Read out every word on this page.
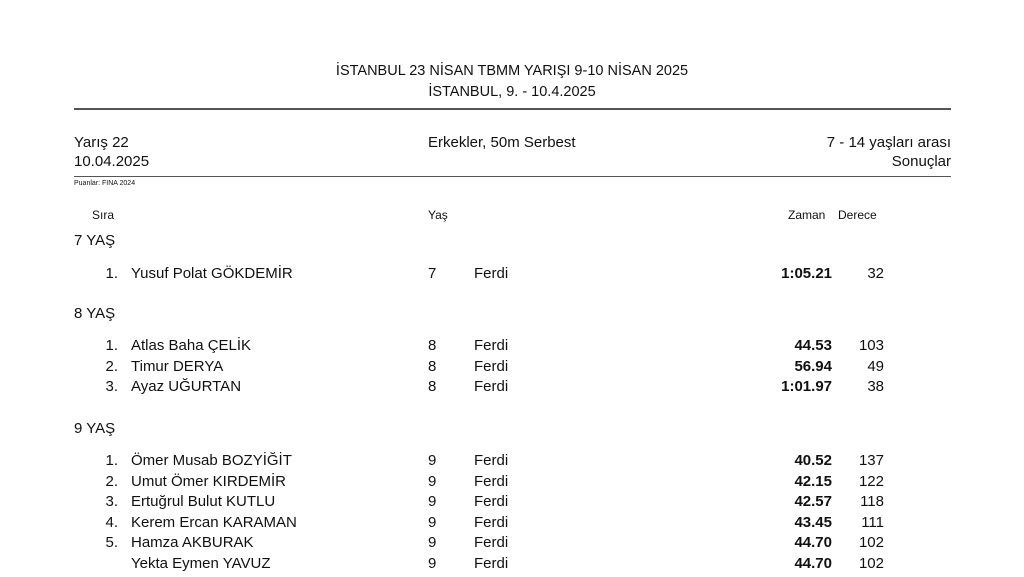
İSTANBUL 23 NİSAN TBMM YARIŞI 9-10 NİSAN 2025
İSTANBUL, 9. - 10.4.2025
Yarış 22
10.04.2025
Erkekler, 50m Serbest	7 - 14 yaşları arası
Sonuçlar
Puanlar: FINA 2024
Sıra	Yaş	Zaman Derece
7 YAŞ
1. Yusuf Polat GÖKDEMİR	7	Ferdi	1:05.21	32
8 YAŞ
1. Atlas Baha ÇELİK	8	Ferdi	44.53	103
2. Timur DERYA	8	Ferdi	56.94	49
3. Ayaz UĞURTAN	8	Ferdi	1:01.97	38
9 YAŞ
1. Ömer Musab BOZYİĞİT	9	Ferdi	40.52	137
2. Umut Ömer KIRDEMİR	9	Ferdi	42.15	122
3. Ertuğrul Bulut KUTLU	9	Ferdi	42.57	118
4. Kerem Ercan KARAMAN	9	Ferdi	43.45	111
5. Hamza AKBURAK	9	Ferdi	44.70	102
Yekta Eymen YAVUZ	9	Ferdi	44.70	102
